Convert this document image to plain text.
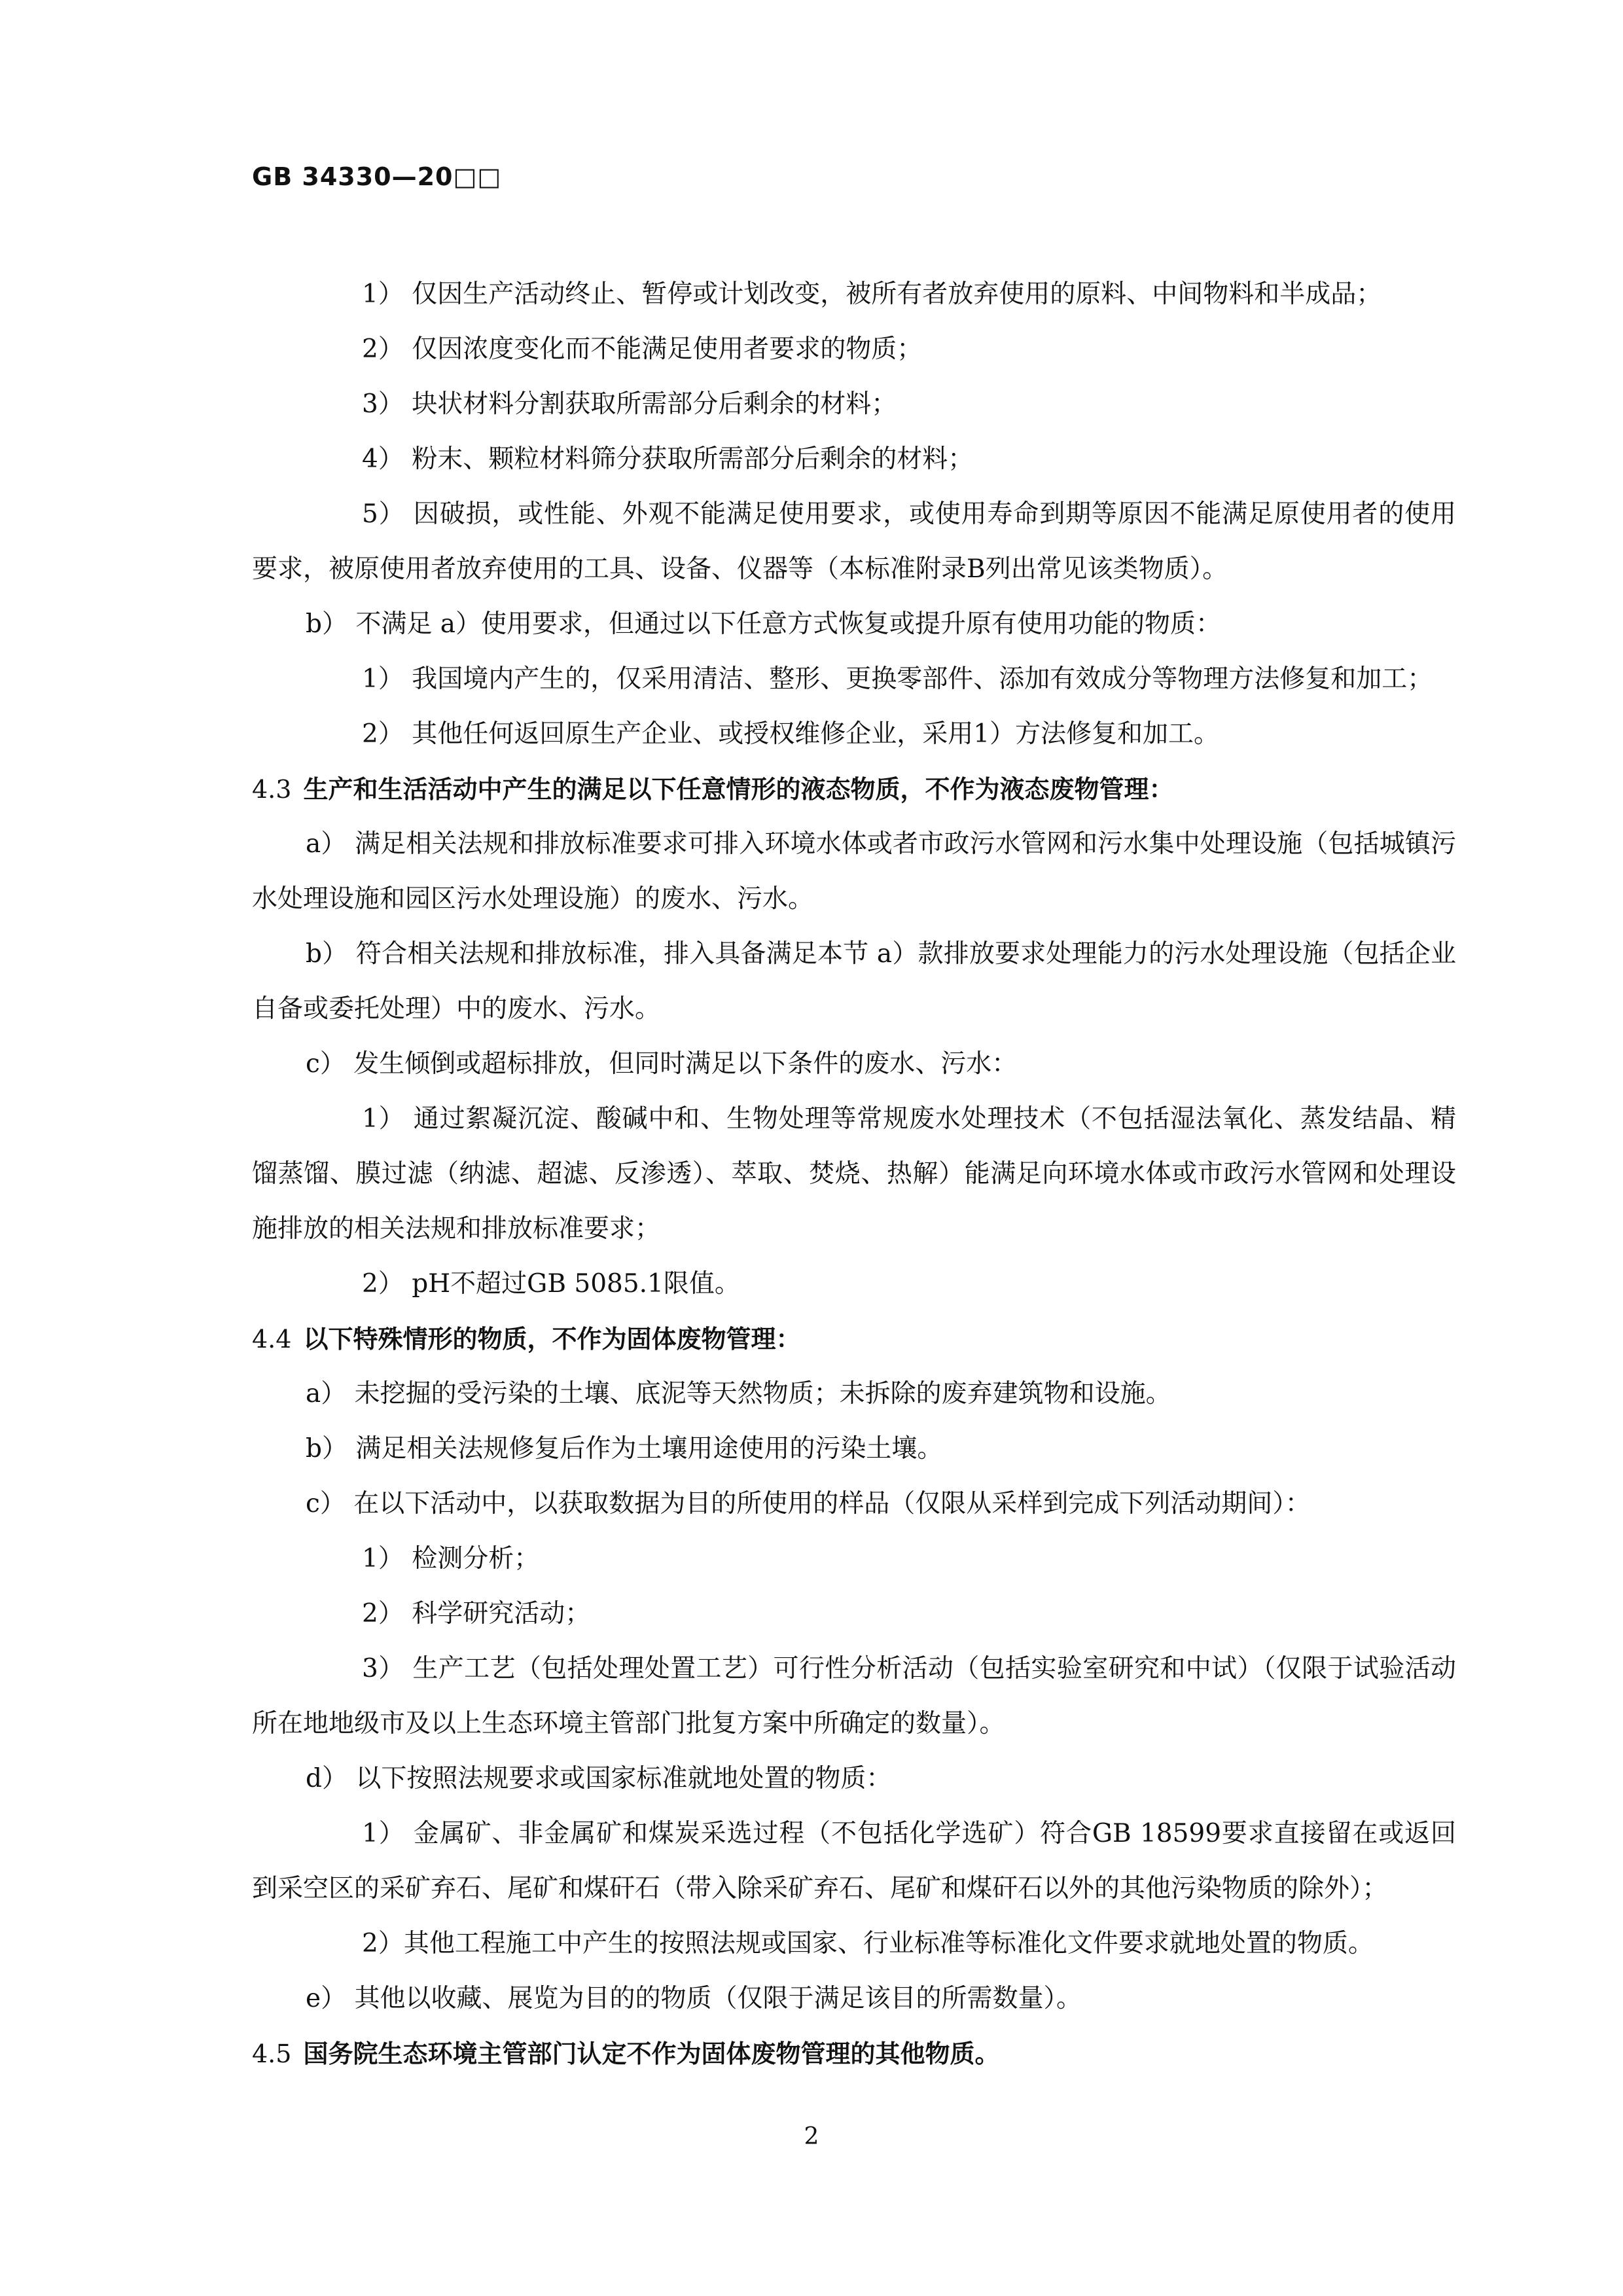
GB 34330—20□□

1） 仅因生产活动终止、暂停或计划改变，被所有者放弃使用的原料、中间物料和半成品；

2） 仅因浓度变化而不能满足使用者要求的物质；

3） 块状材料分割获取所需部分后剩余的材料；

4） 粉末、颗粒材料筛分获取所需部分后剩余的材料；

5） 因破损，或性能、外观不能满足使用要求，或使用寿命到期等原因不能满足原使用者的使用要求，被原使用者放弃使用的工具、设备、仪器等（本标准附录B列出常见该类物质）。

b） 不满足 a）使用要求，但通过以下任意方式恢复或提升原有使用功能的物质：

1） 我国境内产生的，仅采用清洁、整形、更换零部件、添加有效成分等物理方法修复和加工；

2） 其他任何返回原生产企业、或授权维修企业，采用1）方法修复和加工。

4.3 生产和生活活动中产生的满足以下任意情形的液态物质，不作为液态废物管理：

a） 满足相关法规和排放标准要求可排入环境水体或者市政污水管网和污水集中处理设施（包括城镇污水处理设施和园区污水处理设施）的废水、污水。

b） 符合相关法规和排放标准，排入具备满足本节 a）款排放要求处理能力的污水处理设施（包括企业自备或委托处理）中的废水、污水。

c） 发生倾倒或超标排放，但同时满足以下条件的废水、污水：

1） 通过絮凝沉淀、酸碱中和、生物处理等常规废水处理技术（不包括湿法氧化、蒸发结晶、精馏蒸馏、膜过滤（纳滤、超滤、反渗透）、萃取、焚烧、热解）能满足向环境水体或市政污水管网和处理设施排放的相关法规和排放标准要求；

2） pH不超过GB 5085.1限值。

4.4 以下特殊情形的物质，不作为固体废物管理：

a） 未挖掘的受污染的土壤、底泥等天然物质；未拆除的废弃建筑物和设施。

b） 满足相关法规修复后作为土壤用途使用的污染土壤。

c） 在以下活动中，以获取数据为目的所使用的样品（仅限从采样到完成下列活动期间）：

1） 检测分析；

2） 科学研究活动；

3） 生产工艺（包括处理处置工艺）可行性分析活动（包括实验室研究和中试）（仅限于试验活动所在地地级市及以上生态环境主管部门批复方案中所确定的数量）。

d） 以下按照法规要求或国家标准就地处置的物质：

1） 金属矿、非金属矿和煤炭采选过程（不包括化学选矿）符合GB 18599要求直接留在或返回到采空区的采矿弃石、尾矿和煤矸石（带入除采矿弃石、尾矿和煤矸石以外的其他污染物质的除外）；

2）其他工程施工中产生的按照法规或国家、行业标准等标准化文件要求就地处置的物质。

e） 其他以收藏、展览为目的的物质（仅限于满足该目的所需数量）。

4.5 国务院生态环境主管部门认定不作为固体废物管理的其他物质。

2
